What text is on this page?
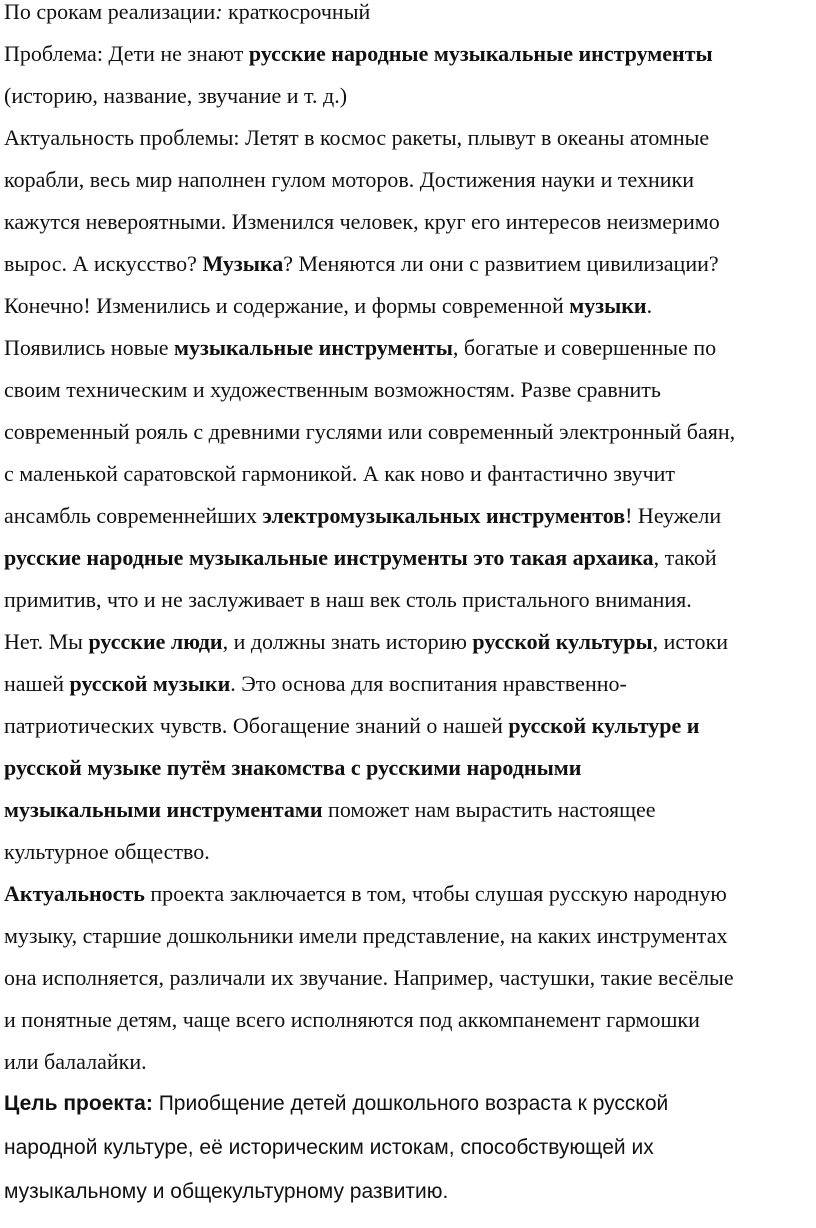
По срокам реализации: краткосрочный
Проблема: Дети не знают русские народные музыкальные инструменты
(историю, название, звучание и т. д.)
Актуальность проблемы: Летят в космос ракеты, плывут в океаны атомные
корабли, весь мир наполнен гулом моторов. Достижения науки и техники
кажутся невероятными. Изменился человек, круг его интересов неизмеримо
вырос. А искусство? Музыка? Меняются ли они с развитием цивилизации?
Конечно! Изменились и содержание, и формы современной музыки.
Появились новые музыкальные инструменты, богатые и совершенные по
своим техническим и художественным возможностям. Разве сравнить
современный рояль с древними гуслями или современный электронный баян,
с маленькой саратовской гармоникой. А как ново и фантастично звучит
ансамбль современнейших электромузыкальных инструментов! Неужели
русские народные музыкальные инструменты это такая архаика, такой
примитив, что и не заслуживает в наш век столь пристального внимания.
Нет. Мы русские люди, и должны знать историю русской культуры, истоки
нашей русской музыки. Это основа для воспитания нравственно-
патриотических чувств. Обогащение знаний о нашей русской культуре и
русской музыке путём знакомства с русскими народными
музыкальными инструментами поможет нам вырастить настоящее
культурное общество.
Актуальность проекта заключается в том, чтобы слушая русскую народную
музыку, старшие дошкольники имели представление, на каких инструментах
она исполняется, различали их звучание. Например, частушки, такие весёлые
и понятные детям, чаще всего исполняются под аккомпанемент гармошки
или балалайки.
Цель проекта: Приобщение детей дошкольного возраста к русской
народной культуре, её историческим истокам, способствующей их
музыкальному и общекультурному развитию.
